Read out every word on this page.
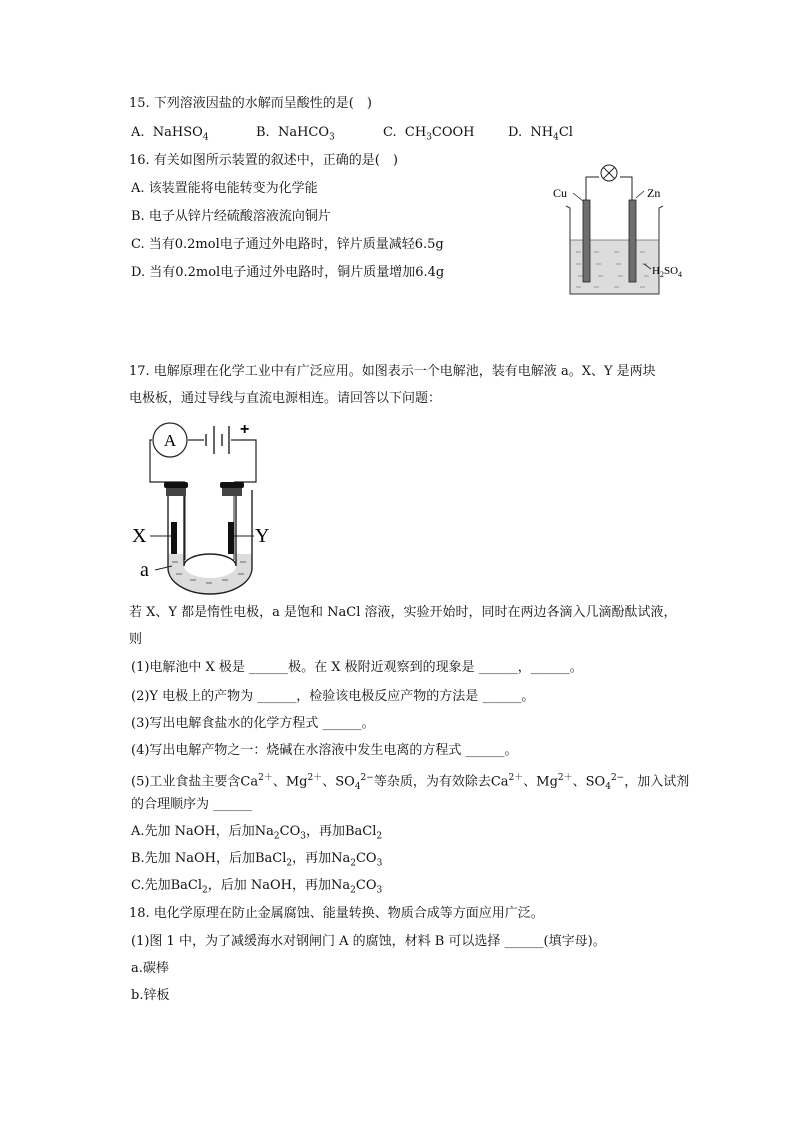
15. 下列溶液因盐的水解而呈酸性的是(　)
A. NaHSO$_4$	B. NaHCO$_3$	C. $CH_3COOH$	D. $NH_4Cl$
16. 有关如图所示装置的叙述中，正确的是(　)
A. 该装置能将电能转变为化学能
B. 电子从锌片经硫酸溶液流向铜片
C. 当有0.2mol电子通过外电路时，锌片质量减轻6.5g
D. 当有0.2mol电子通过外电路时，铜片质量增加6.4g
Cu	Zn
$H_2SO_4$
17. 电解原理在化学工业中有广泛应用。如图表示一个电解池，装有电解液 a。X、Y 是两块
电极板，通过导线与直流电源相连。请回答以下问题：
A
+
X	Y
a
若 X、Y 都是惰性电极，a 是饱和 NaCl 溶液，实验开始时，同时在两边各滴入几滴酚酞试液，
则
(1)电解池中 X 极是 ______极。在 X 极附近观察到的现象是 ______，______。
(2)Y 电极上的产物为 ______，检验该电极反应产物的方法是 ______。
(3)写出电解食盐水的化学方程式 ______。
(4)写出电解产物之一：烧碱在水溶液中发生电离的方程式 ______。
(5)工业食盐主要含$Ca^{2+}$、$Mg^{2+}$、$SO_4^{2-}$等杂质，为有效除去$Ca^{2+}$、$Mg^{2+}$、$SO_4^{2-}$，加入试剂
的合理顺序为 ______
A.先加 NaOH，后加$Na_2CO_3$，再加BaCl$_2$
B.先加 NaOH，后加BaCl$_2$，再加$Na_2CO_3$
C.先加BaCl$_2$，后加 NaOH，再加$Na_2CO_3$
18. 电化学原理在防止金属腐蚀、能量转换、物质合成等方面应用广泛。
(1)图 1 中，为了减缓海水对钢闸门 A 的腐蚀，材料 B 可以选择 ______(填字母)。
a.碳棒
b.锌板
